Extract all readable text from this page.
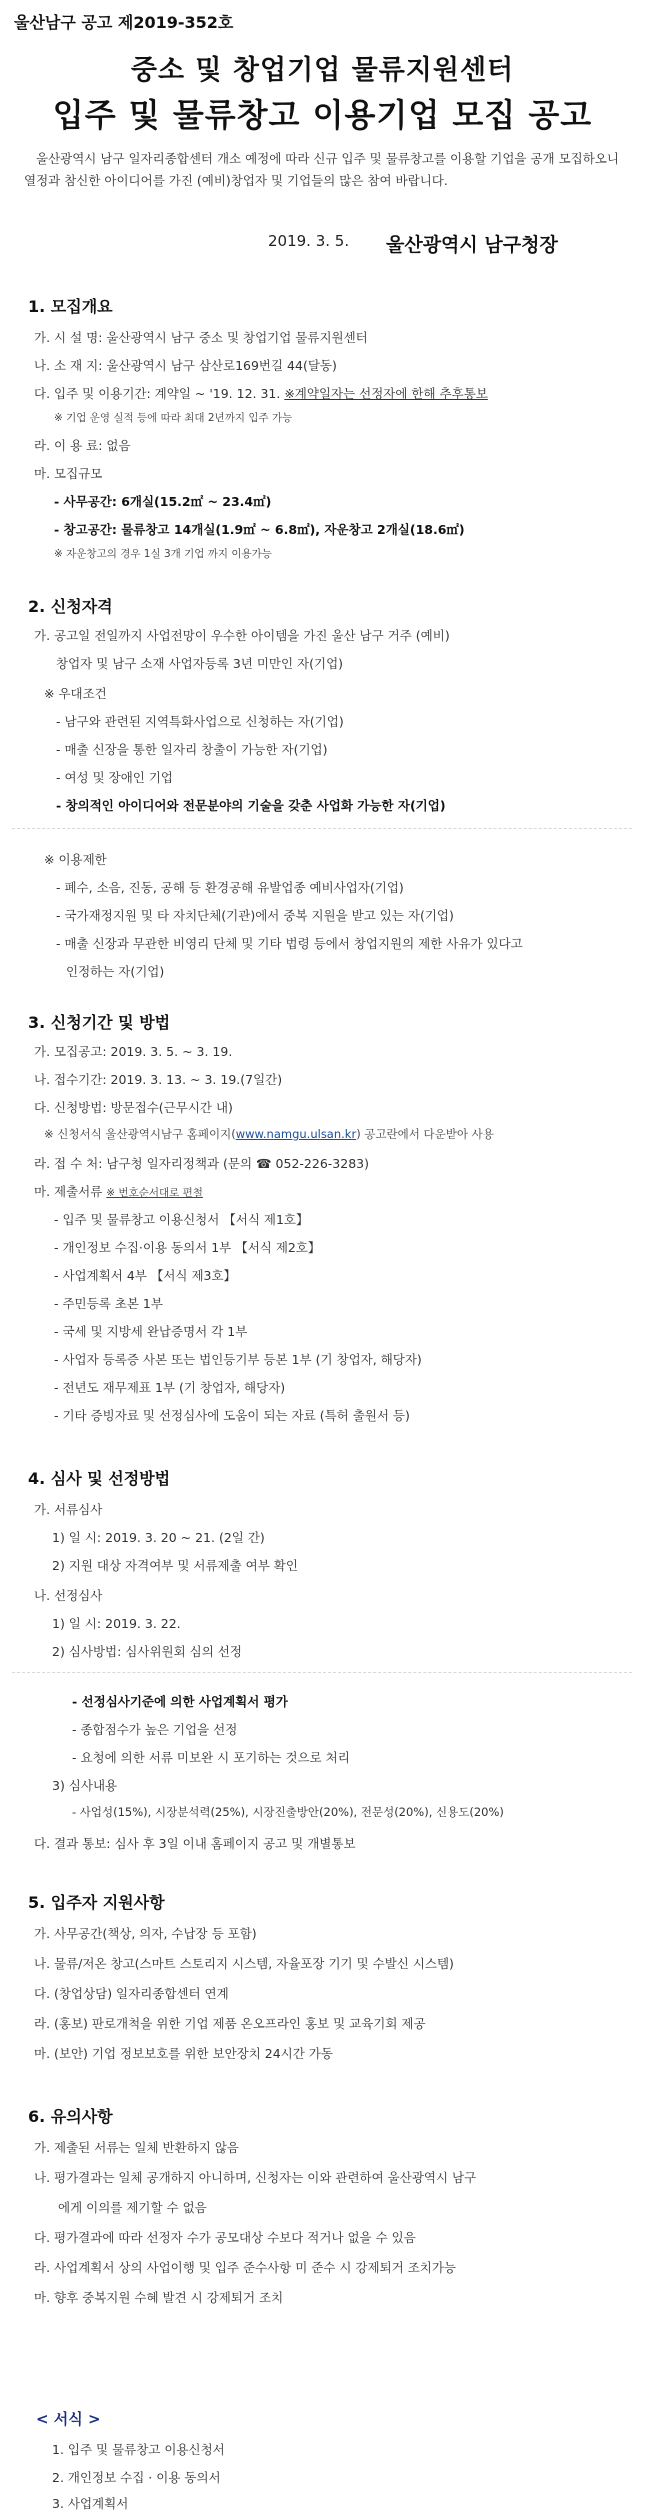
울산남구 공고 제2019-352호
중소 및 창업기업 물류지원센터
입주 및 물류창고 이용기업 모집 공고
울산광역시 남구 일자리종합센터 개소 예정에 따라 신규 입주 및 물류창고를 이용할 기업을 공개 모집하오니 열정과 참신한 아이디어를 가진 (예비)창업자 및 기업들의 많은 참여 바랍니다.
2019. 3. 5. 울산광역시 남구청장
1. 모집개요
가. 시 설 명: 울산광역시 남구 중소 및 창업기업 물류지원센터
나. 소 재 지: 울산광역시 남구 삼산로169번길 44(달동)
다. 입주 및 이용기간: 계약일 ~ '19. 12. 31. ※계약일자는 선정자에 한해 추후통보
※ 기업 운영 실적 등에 따라 최대 2년까지 입주 가능
라. 이 용 료: 없음
마. 모집규모
- 사무공간: 6개실(15.2㎡ ~ 23.4㎡)
- 창고공간: 물류창고 14개실(1.9㎡ ~ 6.8㎡), 자운창고 2개실(18.6㎡)
※ 자운창고의 경우 1실 3개 기업 까지 이용가능
2. 신청자격
가. 공고일 전일까지 사업전망이 우수한 아이템을 가진 울산 남구 거주 (예비)
창업자 및 남구 소재 사업자등록 3년 미만인 자(기업)
※ 우대조건
- 남구와 관련된 지역특화사업으로 신청하는 자(기업)
- 매출 신장을 통한 일자리 창출이 가능한 자(기업)
- 여성 및 장애인 기업
- 창의적인 아이디어와 전문분야의 기술을 갖춘 사업화 가능한 자(기업)
※ 이용제한
- 폐수, 소음, 진동, 공해 등 환경공해 유발업종 예비사업자(기업)
- 국가재정지원 및 타 자치단체(기관)에서 중복 지원을 받고 있는 자(기업)
- 매출 신장과 무관한 비영리 단체 및 기타 법령 등에서 창업지원의 제한 사유가 있다고
인정하는 자(기업)
3. 신청기간 및 방법
가. 모집공고: 2019. 3. 5. ~ 3. 19.
나. 접수기간: 2019. 3. 13. ~ 3. 19.(7일간)
다. 신청방법: 방문접수(근무시간 내)
※ 신청서식 울산광역시남구 홈페이지(www.namgu.ulsan.kr) 공고란에서 다운받아 사용
라. 접 수 처: 남구청 일자리정책과 (문의 ☎ 052-226-3283)
마. 제출서류 ※ 번호순서대로 편철
- 입주 및 물류창고 이용신청서 【서식 제1호】
- 개인정보 수집·이용 동의서 1부 【서식 제2호】
- 사업계획서 4부 【서식 제3호】
- 주민등록 초본 1부
- 국세 및 지방세 완납증명서 각 1부
- 사업자 등록증 사본 또는 법인등기부 등본 1부 (기 창업자, 해당자)
- 전년도 재무제표 1부 (기 창업자, 해당자)
- 기타 증빙자료 및 선정심사에 도움이 되는 자료 (특허 출원서 등)
4. 심사 및 선정방법
가. 서류심사
1) 일 시: 2019. 3. 20 ~ 21. (2일 간)
2) 지원 대상 자격여부 및 서류제출 여부 확인
나. 선정심사
1) 일 시: 2019. 3. 22.
2) 심사방법: 심사위원회 심의 선정
- 선정심사기준에 의한 사업계획서 평가
- 종합점수가 높은 기업을 선정
- 요청에 의한 서류 미보완 시 포기하는 것으로 처리
3) 심사내용
- 사업성(15%), 시장분석력(25%), 시장진출방안(20%), 전문성(20%), 신용도(20%)
다. 결과 통보: 심사 후 3일 이내 홈페이지 공고 및 개별통보
5. 입주자 지원사항
가. 사무공간(책상, 의자, 수납장 등 포함)
나. 물류/저온 창고(스마트 스토리지 시스템, 자율포장 기기 및 수발신 시스템)
다. (창업상담) 일자리종합센터 연계
라. (홍보) 판로개척을 위한 기업 제품 온오프라인 홍보 및 교육기회 제공
마. (보안) 기업 정보보호를 위한 보안장치 24시간 가동
6. 유의사항
가. 제출된 서류는 일체 반환하지 않음
나. 평가결과는 일체 공개하지 아니하며, 신청자는 이와 관련하여 울산광역시 남구
에게 이의를 제기할 수 없음
다. 평가결과에 따라 선정자 수가 공모대상 수보다 적거나 없을 수 있음
라. 사업계획서 상의 사업이행 및 입주 준수사항 미 준수 시 강제퇴거 조치가능
마. 향후 중복지원 수혜 발견 시 강제퇴거 조치
< 서식 >
1. 입주 및 물류창고 이용신청서
2. 개인정보 수집 · 이용 동의서
3. 사업계획서
